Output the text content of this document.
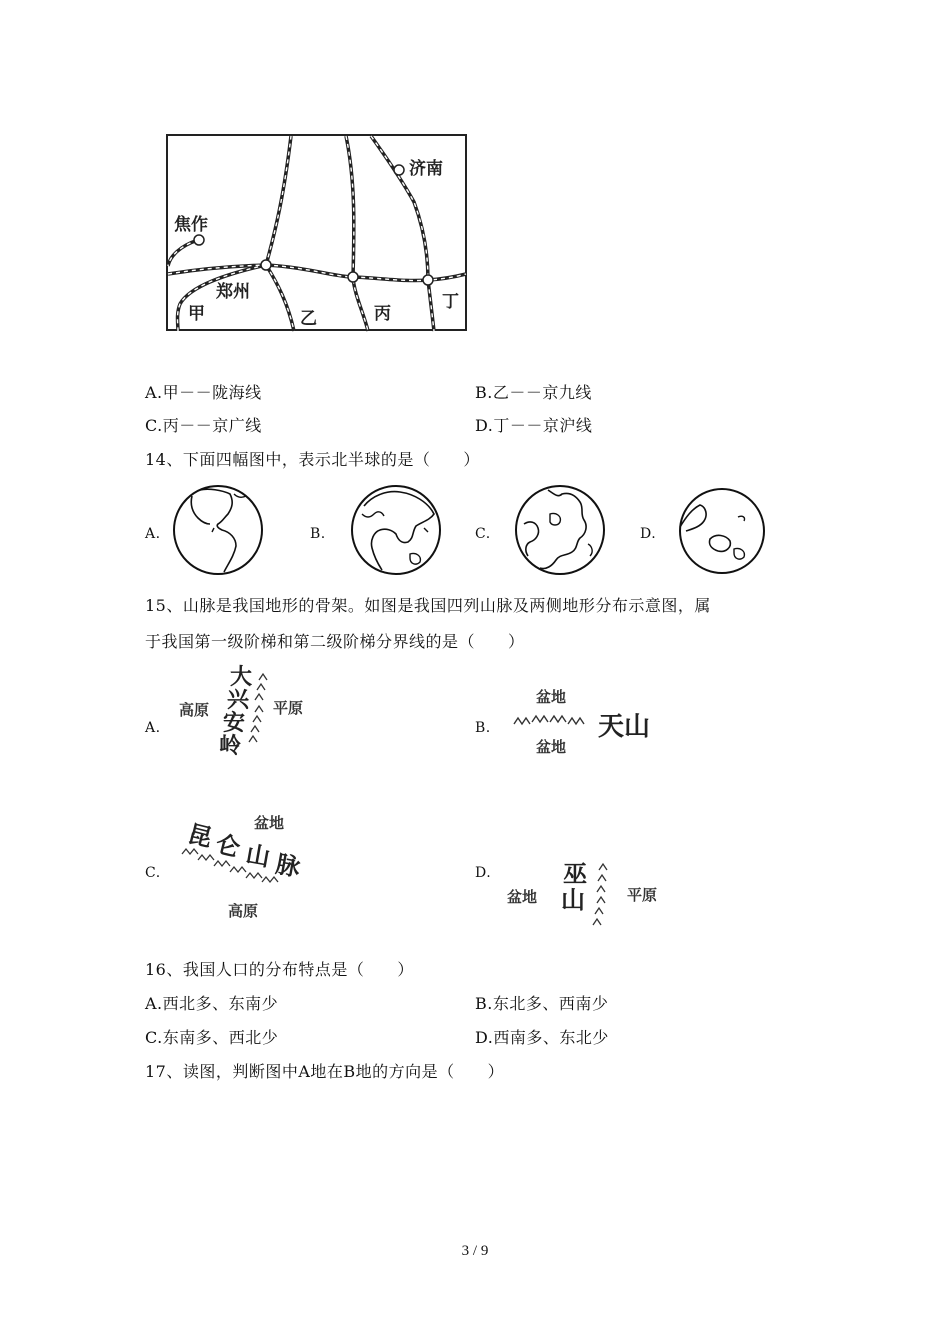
济南
焦作
郑州
甲	乙	丙
丁
A.甲－－陇海线	B.乙－－京九线
C.丙－－京广线	D.丁－－京沪线
14、下面四幅图中，表示北半球的是（　　）
A.	B.	C.	D.
15、山脉是我国地形的骨架。如图是我国四列山脉及两侧地形分布示意图，属
于我国第一级阶梯和第二级阶梯分界线的是（　　）
A.
大
兴
安
岭
高原	平原
B.
盆地
盆地
天山
C.
盆地
昆
仑 山 脉
高原
D.
盆地
巫
山	平原
16、我国人口的分布特点是（　　）
A.西北多、东南少	B.东北多、西南少
C.东南多、西北少	D.西南多、东北少
17、读图，判断图中A地在B地的方向是（　　）
3 / 9
